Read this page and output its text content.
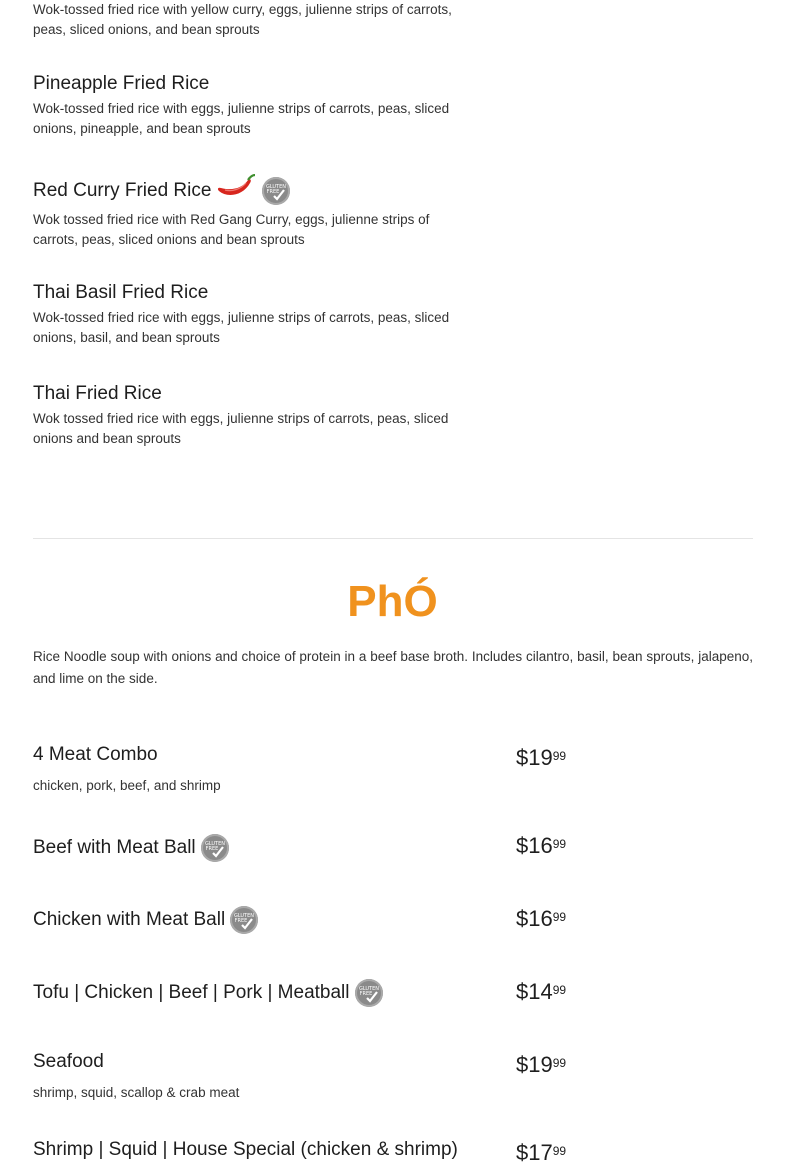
Wok-tossed fried rice with yellow curry, eggs, julienne strips of carrots, peas, sliced onions, and bean sprouts
Pineapple Fried Rice
Wok-tossed fried rice with eggs, julienne strips of carrots, peas, sliced onions, pineapple, and bean sprouts
Red Curry Fried Rice	GLUTEN
FREE
Wok tossed fried rice with Red Gang Curry, eggs, julienne strips of carrots, peas, sliced onions and bean sprouts
Thai Basil Fried Rice
Wok-tossed fried rice with eggs, julienne strips of carrots, peas, sliced onions, basil, and bean sprouts
Thai Fried Rice
Wok tossed fried rice with eggs, julienne strips of carrots, peas, sliced onions and bean sprouts
PhÓ
Rice Noodle soup with onions and choice of protein in a beef base broth. Includes cilantro, basil, bean sprouts, jalapeno, and lime on the side.
4 Meat Combo
chicken, pork, beef, and shrimp
$\$19^{99}$
Beef with Meat Ball GLUTEN
FREE	$\$16^{99}$
Chicken with Meat Ball GLUTEN
FREE	$\$16^{99}$
Tofu | Chicken | Beef | Pork | Meatball GLUTEN
FREE	$\$14^{99}$
Seafood
shrimp, squid, scallop & crab meat
$\$19^{99}$
Shrimp | Squid | House Special (chicken & shrimp)	$\$17^{99}$
